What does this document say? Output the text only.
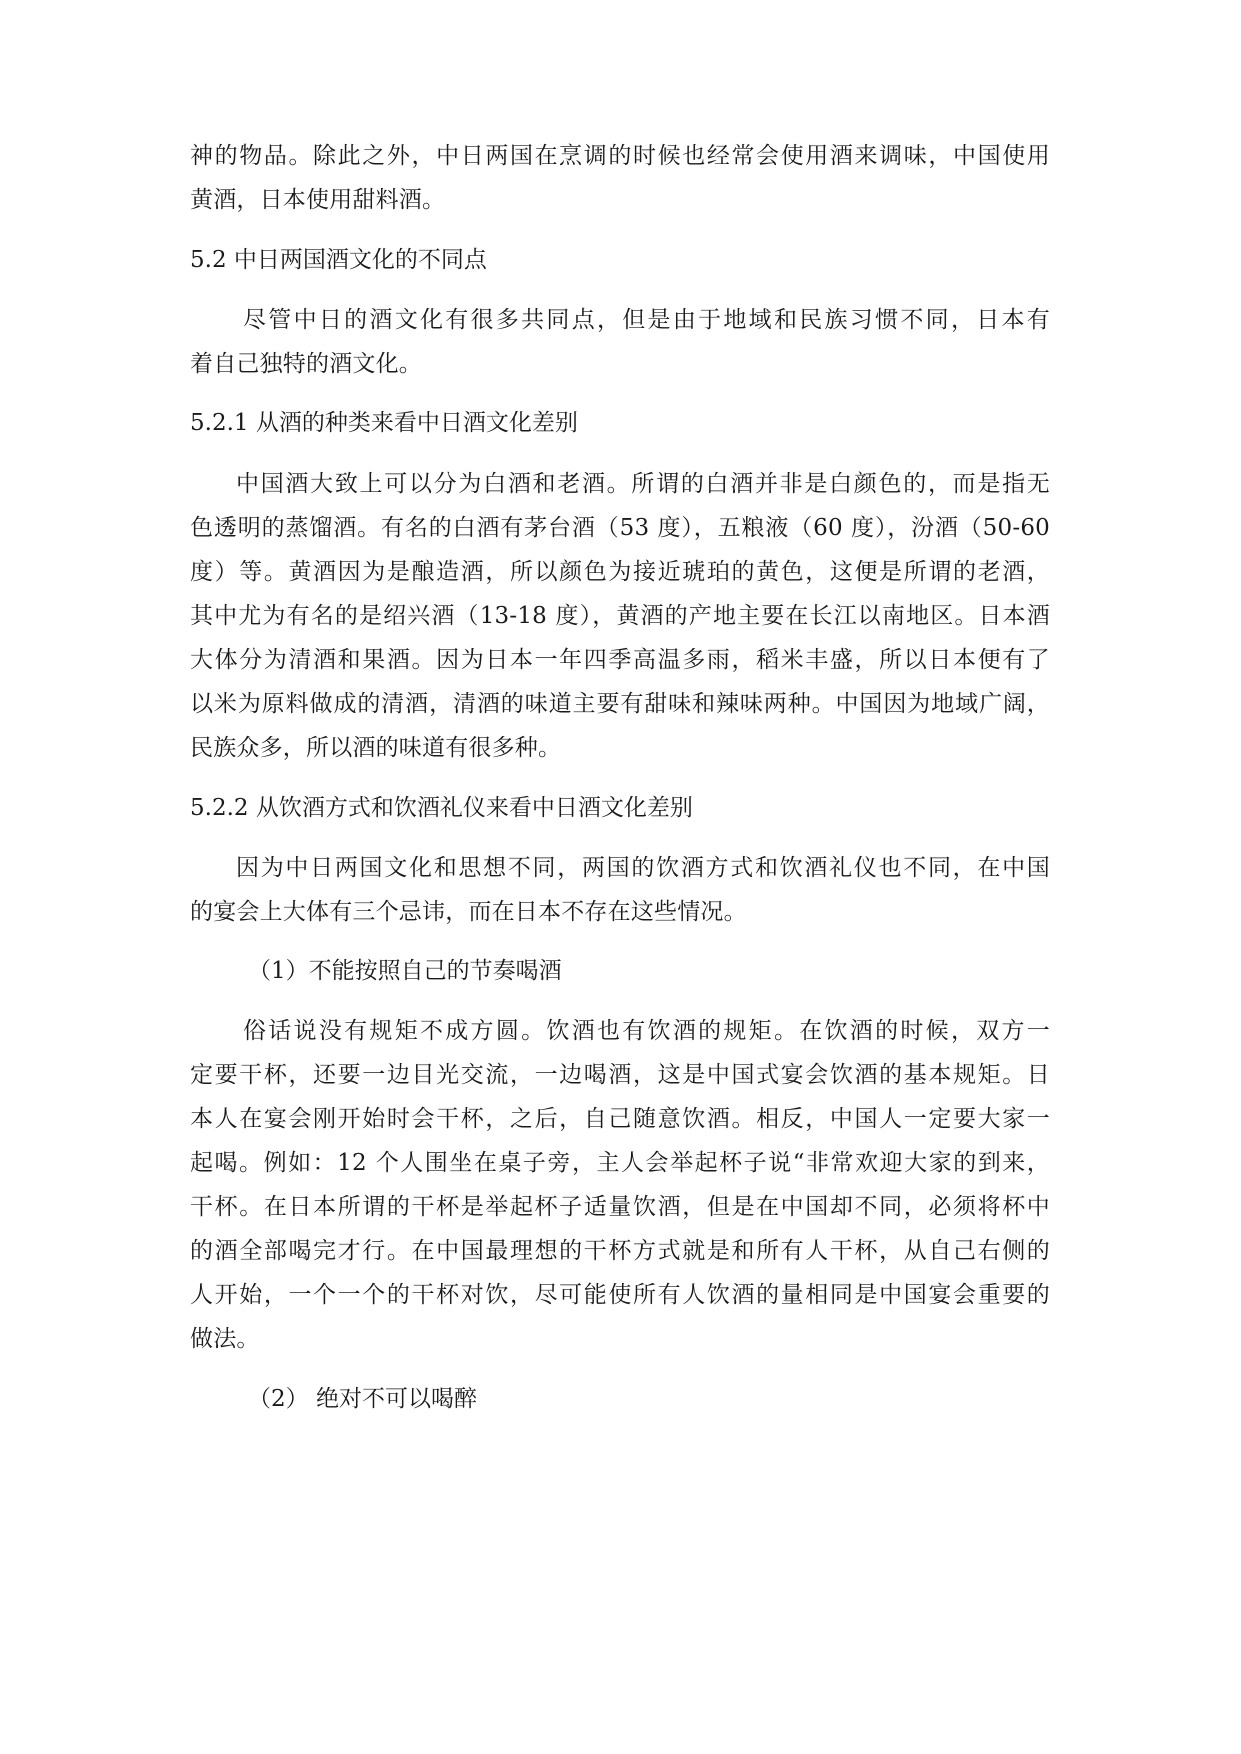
神的物品。除此之外，中日两国在烹调的时候也经常会使用酒来调味，中国使用
黄酒，日本使用甜料酒。
5.2 中日两国酒文化的不同点
尽管中日的酒文化有很多共同点，但是由于地域和民族习惯不同，日本有
着自己独特的酒文化。
5.2.1 从酒的种类来看中日酒文化差别
中国酒大致上可以分为白酒和老酒。所谓的白酒并非是白颜色的，而是指无
色透明的蒸馏酒。有名的白酒有茅台酒（53 度），五粮液（60 度），汾酒（50-60
度）等。黄酒因为是酿造酒，所以颜色为接近琥珀的黄色，这便是所谓的老酒，
其中尤为有名的是绍兴酒（13-18 度），黄酒的产地主要在长江以南地区。日本酒
大体分为清酒和果酒。因为日本一年四季高温多雨，稻米丰盛，所以日本便有了
以米为原料做成的清酒，清酒的味道主要有甜味和辣味两种。中国因为地域广阔，
民族众多，所以酒的味道有很多种。
5.2.2 从饮酒方式和饮酒礼仪来看中日酒文化差别
因为中日两国文化和思想不同，两国的饮酒方式和饮酒礼仪也不同，在中国
的宴会上大体有三个忌讳，而在日本不存在这些情况。
（1）不能按照自己的节奏喝酒
俗话说没有规矩不成方圆。饮酒也有饮酒的规矩。在饮酒的时候，双方一
定要干杯，还要一边目光交流，一边喝酒，这是中国式宴会饮酒的基本规矩。日
本人在宴会刚开始时会干杯，之后，自己随意饮酒。相反，中国人一定要大家一
起喝。例如：12 个人围坐在桌子旁，主人会举起杯子说“非常欢迎大家的到来，
干杯。在日本所谓的干杯是举起杯子适量饮酒，但是在中国却不同，必须将杯中
的酒全部喝完才行。在中国最理想的干杯方式就是和所有人干杯，从自己右侧的
人开始，一个一个的干杯对饮，尽可能使所有人饮酒的量相同是中国宴会重要的
做法。
（2） 绝对不可以喝醉
